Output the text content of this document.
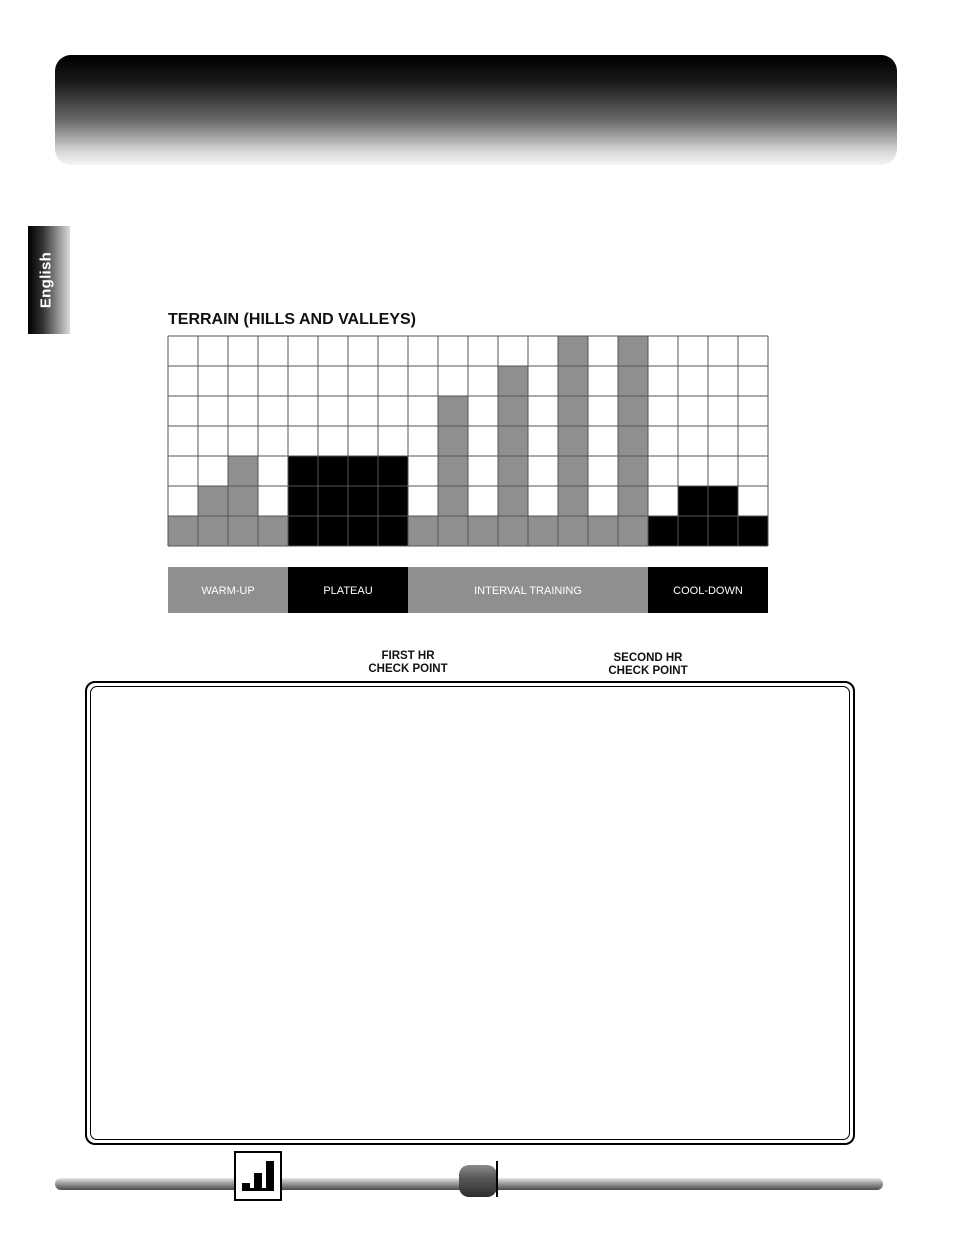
English
TERRAIN (HILLS AND VALLEYS)
WARM-UP	PLATEAU	INTERVAL TRAINING	COOL-DOWN
FIRST HR
CHECK POINT
SECOND HR
CHECK POINT
